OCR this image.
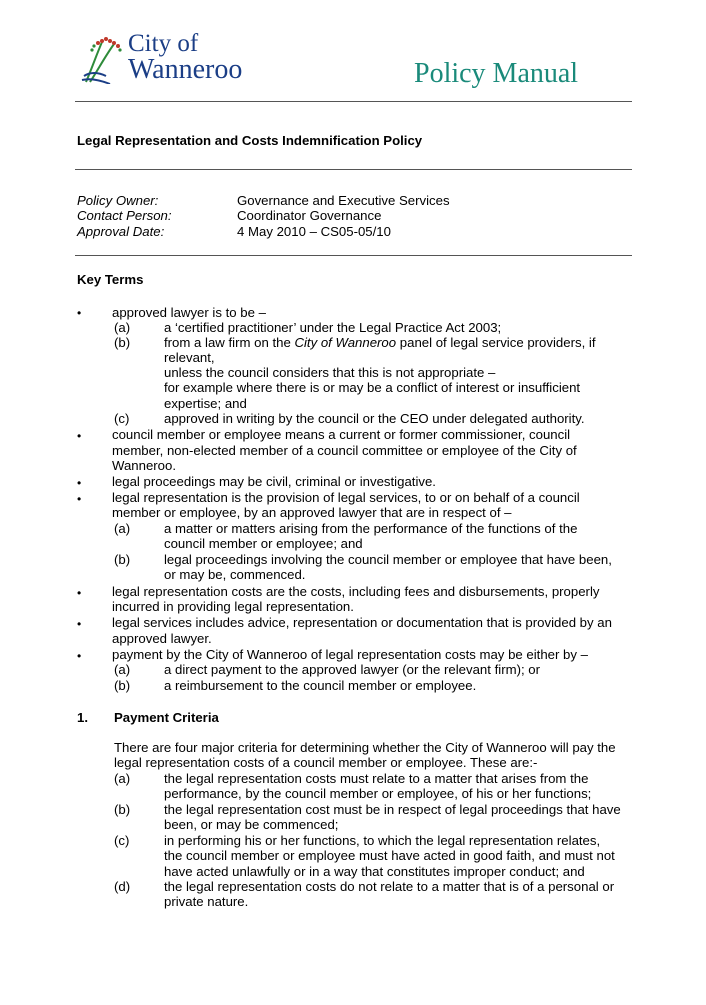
City of
Wanneroo	Policy Manual
Legal Representation and Costs Indemnification Policy
Policy Owner:	Governance and Executive Services
Contact Person:	Coordinator Governance
Approval Date:	4 May 2010 – CS05-05/10
Key Terms
• approved lawyer is to be –
(a)	a ‘certified practitioner’ under the Legal Practice Act 2003;
(b)	from a law firm on the City of Wanneroo panel of legal service providers, if
relevant,
unless the council considers that this is not appropriate –
for example where there is or may be a conflict of interest or insufficient
expertise; and
(c)	approved in writing by the council or the CEO under delegated authority.
• council member or employee means a current or former commissioner, council
member, non-elected member of a council committee or employee of the City of
Wanneroo.
• legal proceedings may be civil, criminal or investigative.
• legal representation is the provision of legal services, to or on behalf of a council
member or employee, by an approved lawyer that are in respect of –
(a)	a matter or matters arising from the performance of the functions of the
council member or employee; and
(b)	legal proceedings involving the council member or employee that have been,
or may be, commenced.
• legal representation costs are the costs, including fees and disbursements, properly
incurred in providing legal representation.
• legal services includes advice, representation or documentation that is provided by an
approved lawyer.
• payment by the City of Wanneroo of legal representation costs may be either by –
(a)	a direct payment to the approved lawyer (or the relevant firm); or
(b)	a reimbursement to the council member or employee.
1. Payment Criteria
There are four major criteria for determining whether the City of Wanneroo will pay the
legal representation costs of a council member or employee. These are:-
(a)	the legal representation costs must relate to a matter that arises from the
performance, by the council member or employee, of his or her functions;
(b)	the legal representation cost must be in respect of legal proceedings that have
been, or may be commenced;
(c)	in performing his or her functions, to which the legal representation relates,
the council member or employee must have acted in good faith, and must not
have acted unlawfully or in a way that constitutes improper conduct; and
(d)	the legal representation costs do not relate to a matter that is of a personal or
private nature.
